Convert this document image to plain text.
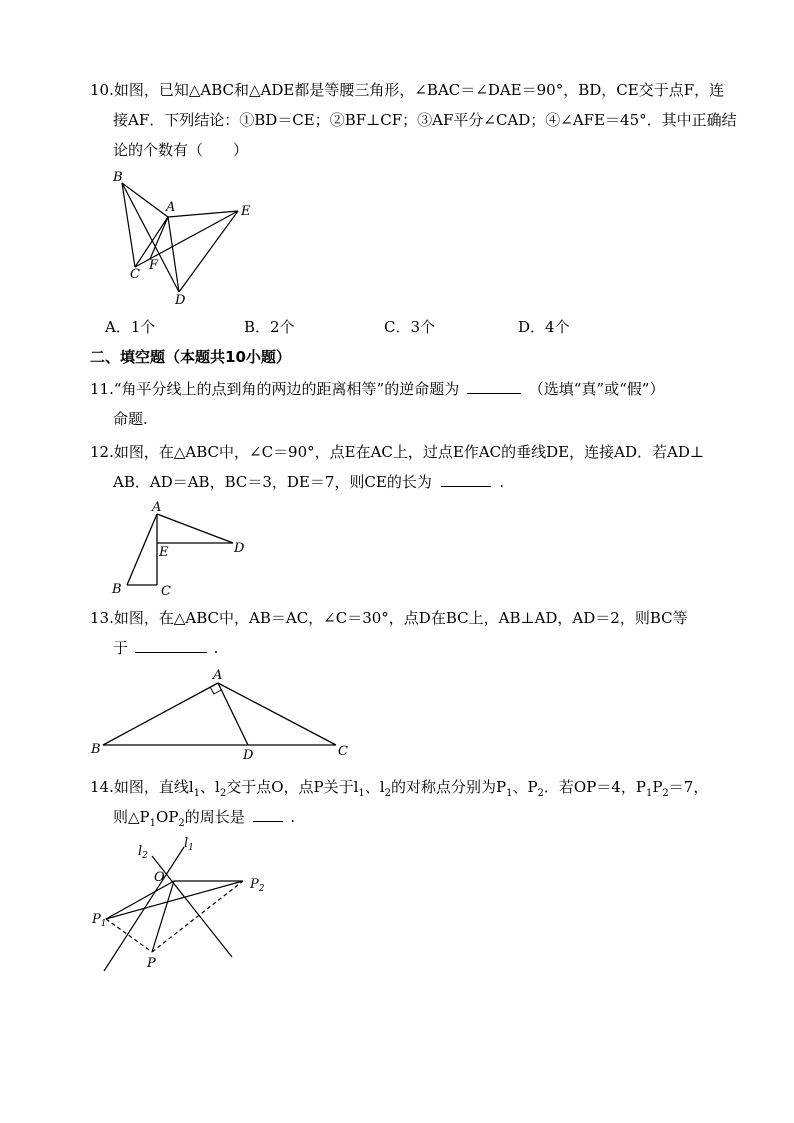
10.如图，已知△ABC和△ADE都是等腰三角形，∠BAC＝∠DAE＝90°，BD，CE交于点F，连
接AF．下列结论：①BD＝CE；②BF⊥CF；③AF平分∠CAD；④∠AFE＝45°．其中正确结
论的个数有（　　）
B
A	E
C
F
D
A．1个	B．2个	C．3个	D．4个
二、填空题（本题共10小题）
11.“角平分线上的点到角的两边的距离相等”的逆命题为	（选填“真”或“假”）
命题.
12.如图，在△ABC中，∠C＝90°，点E在AC上，过点E作AC的垂线DE，连接AD．若AD⊥
AB．AD＝AB，BC＝3，DE＝7，则CE的长为	.
A
E	D
B	C
13.如图，在△ABC中，AB＝AC，∠C＝30°，点D在BC上，AB⊥AD，AD＝2，则BC等
于	.
A
B	D	C
14.如图，直线$l_1$、$l_2$交于点O，点P关于$l_1$、$l_2$的对称点分别为$P_1$、$P_2$．若OP＝4，$P_1P_2=7$，
则$\triangle P_1OP_2$的周长是	.
$l_2$
$l_1$
O	$P_2$
$P_1$
P
